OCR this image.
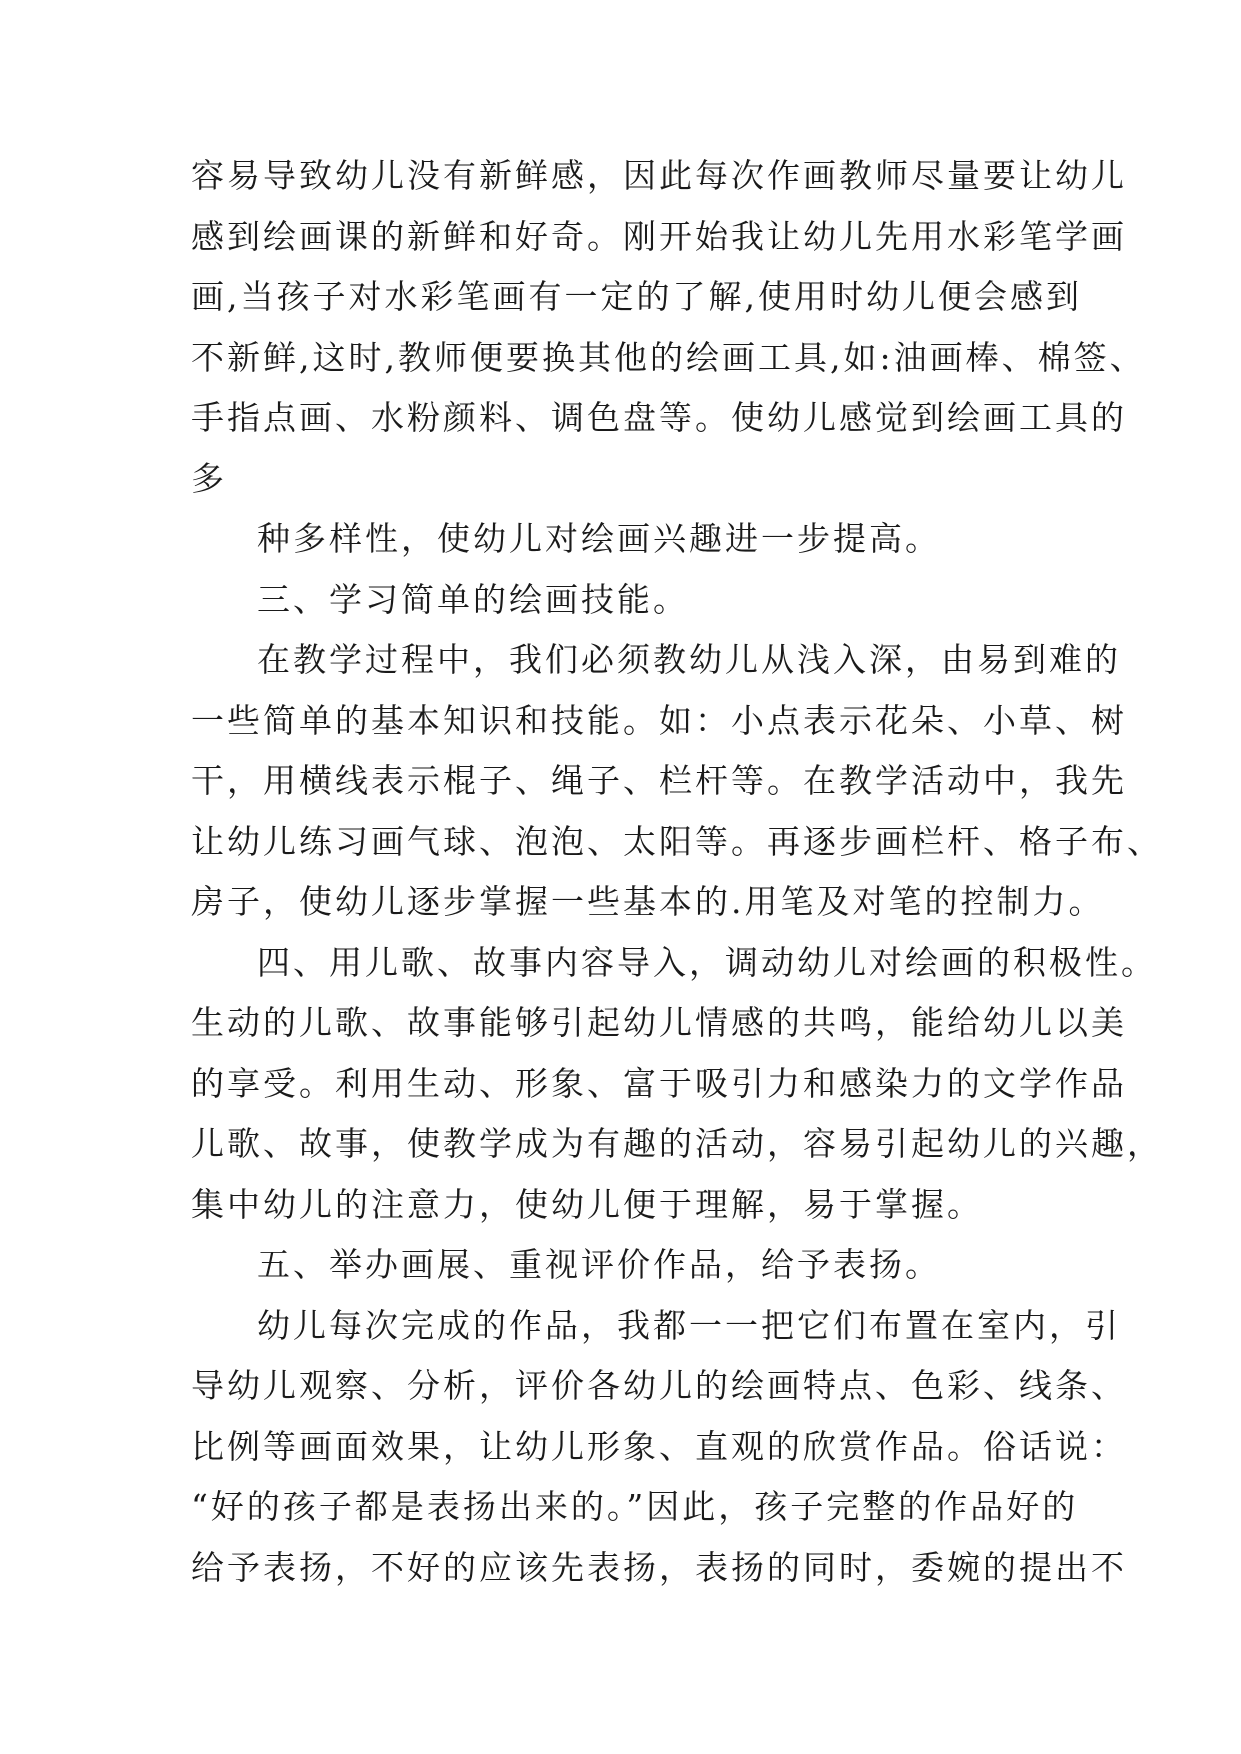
容易导致幼儿没有新鲜感，因此每次作画教师尽量要让幼儿
感到绘画课的新鲜和好奇。刚开始我让幼儿先用水彩笔学画
画,当孩子对水彩笔画有一定的了解,使用时幼儿便会感到
不新鲜,这时,教师便要换其他的绘画工具,如:油画棒、棉签、
手指点画、水粉颜料、调色盘等。使幼儿感觉到绘画工具的
多
种多样性，使幼儿对绘画兴趣进一步提高。
三、学习简单的绘画技能。
在教学过程中，我们必须教幼儿从浅入深，由易到难的
一些简单的基本知识和技能。如：小点表示花朵、小草、树
干，用横线表示棍子、绳子、栏杆等。在教学活动中，我先
让幼儿练习画气球、泡泡、太阳等。再逐步画栏杆、格子布、
房子，使幼儿逐步掌握一些基本的.用笔及对笔的控制力。
四、用儿歌、故事内容导入，调动幼儿对绘画的积极性。
生动的儿歌、故事能够引起幼儿情感的共鸣，能给幼儿以美
的享受。利用生动、形象、富于吸引力和感染力的文学作品
儿歌、故事，使教学成为有趣的活动，容易引起幼儿的兴趣，
集中幼儿的注意力，使幼儿便于理解，易于掌握。
五、举办画展、重视评价作品，给予表扬。
幼儿每次完成的作品，我都一一把它们布置在室内，引
导幼儿观察、分析，评价各幼儿的绘画特点、色彩、线条、
比例等画面效果，让幼儿形象、直观的欣赏作品。俗话说：
“好的孩子都是表扬出来的。”因此，孩子完整的作品好的
给予表扬，不好的应该先表扬，表扬的同时，委婉的提出不
